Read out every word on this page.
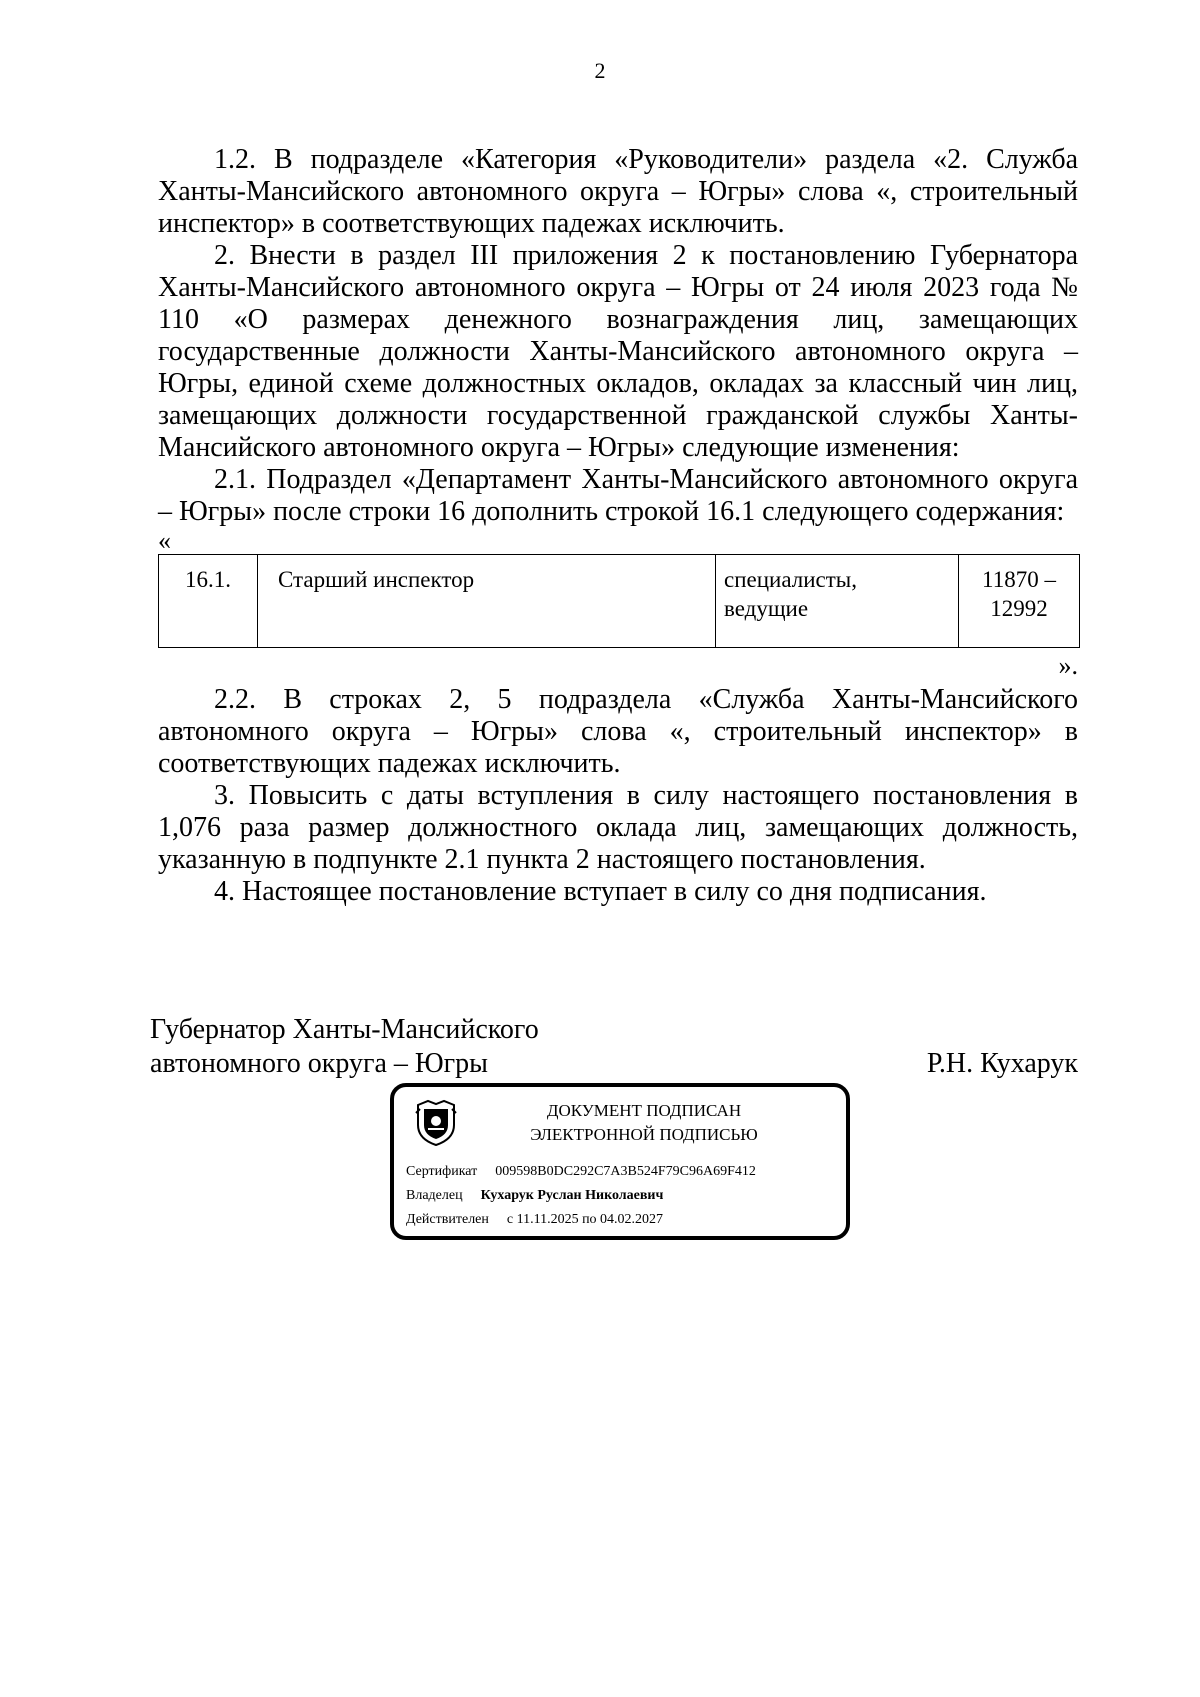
2

1.2. В подразделе «Категория «Руководители» раздела «2. Служба Ханты-Мансийского автономного округа – Югры» слова «, строительный инспектор» в соответствующих падежах исключить.

2. Внести в раздел III приложения 2 к постановлению Губернатора Ханты-Мансийского автономного округа – Югры от 24 июля 2023 года № 110 «О размерах денежного вознаграждения лиц, замещающих государственные должности Ханты-Мансийского автономного округа – Югры, единой схеме должностных окладов, окладах за классный чин лиц, замещающих должности государственной гражданской службы Ханты-Мансийского автономного округа – Югры» следующие изменения:

2.1. Подраздел «Департамент Ханты-Мансийского автономного округа – Югры» после строки 16 дополнить строкой 16.1 следующего содержания:

«

16.1.	Старший инспектор	специалисты, ведущие	11870 – 12992

».

2.2. В строках 2, 5 подраздела «Служба Ханты-Мансийского автономного округа – Югры» слова «, строительный инспектор» в соответствующих падежах исключить.

3. Повысить с даты вступления в силу настоящего постановления в 1,076 раза размер должностного оклада лиц, замещающих должность, указанную в подпункте 2.1 пункта 2 настоящего постановления.

4. Настоящее постановление вступает в силу со дня подписания.

Губернатор Ханты-Мансийского
автономного округа – Югры	Р.Н. Кухарук
ДОКУМЕНТ ПОДПИСАН
ЭЛЕКТРОННОЙ ПОДПИСЬЮ
Сертификат 009598B0DC292C7A3B524F79C96A69F412
Владелец Кухарук Руслан Николаевич
Действителен с 11.11.2025 по 04.02.2027
